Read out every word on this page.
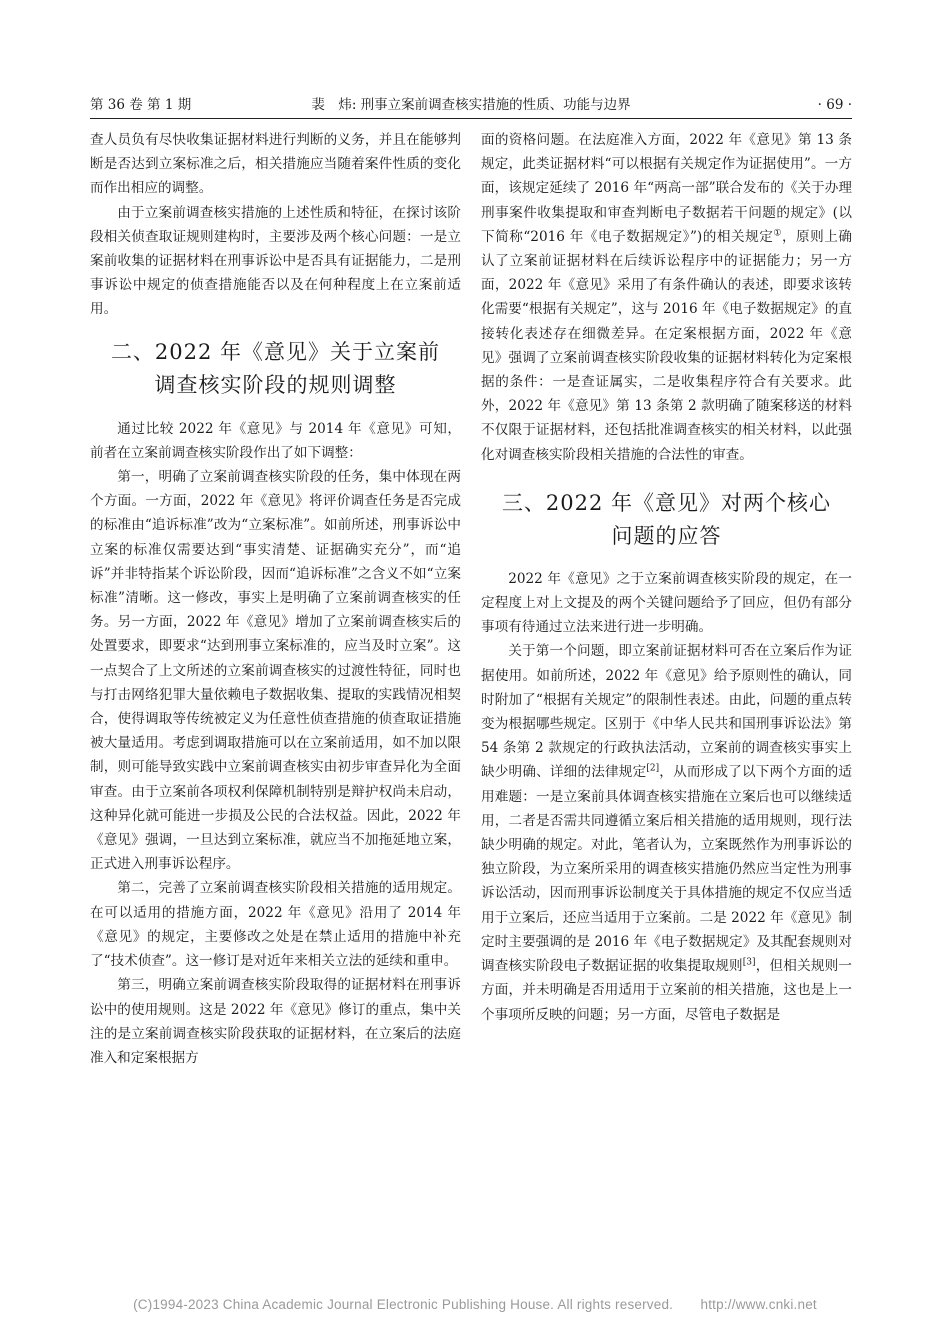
第 36 卷 第 1 期	裴　炜: 刑事立案前调查核实措施的性质、功能与边界	· 69 ·

查人员负有尽快收集证据材料进行判断的义务，并且在能够判断是否达到立案标准之后，相关措施应当随着案件性质的变化而作出相应的调整。

由于立案前调查核实措施的上述性质和特征，在探讨该阶段相关侦查取证规则建构时，主要涉及两个核心问题：一是立案前收集的证据材料在刑事诉讼中是否具有证据能力，二是刑事诉讼中规定的侦查措施能否以及在何种程度上在立案前适用。

二、2022 年《意见》关于立案前
调查核实阶段的规则调整

通过比较 2022 年《意见》与 2014 年《意见》可知，前者在立案前调查核实阶段作出了如下调整：

第一，明确了立案前调查核实阶段的任务，集中体现在两个方面。一方面，2022 年《意见》将评价调查任务是否完成的标准由“追诉标准”改为“立案标准”。如前所述，刑事诉讼中立案的标准仅需要达到“事实清楚、证据确实充分”，而“追诉”并非特指某个诉讼阶段，因而“追诉标准”之含义不如“立案标准”清晰。这一修改，事实上是明确了立案前调查核实的任务。另一方面，2022 年《意见》增加了立案前调查核实后的处置要求，即要求“达到刑事立案标准的，应当及时立案”。这一点契合了上文所述的立案前调查核实的过渡性特征，同时也与打击网络犯罪大量依赖电子数据收集、提取的实践情况相契合，使得调取等传统被定义为任意性侦查措施的侦查取证措施被大量适用。考虑到调取措施可以在立案前适用，如不加以限制，则可能导致实践中立案前调查核实由初步审查异化为全面审查。由于立案前各项权利保障机制特别是辩护权尚未启动，这种异化就可能进一步损及公民的合法权益。因此，2022 年《意见》强调，一旦达到立案标准，就应当不加拖延地立案，正式进入刑事诉讼程序。

第二，完善了立案前调查核实阶段相关措施的适用规定。在可以适用的措施方面，2022 年《意见》沿用了 2014 年《意见》的规定，主要修改之处是在禁止适用的措施中补充了“技术侦查”。这一修订是对近年来相关立法的延续和重申。

第三，明确立案前调查核实阶段取得的证据材料在刑事诉讼中的使用规则。这是 2022 年《意见》修订的重点，集中关注的是立案前调查核实阶段获取的证据材料，在立案后的法庭准入和定案根据方

面的资格问题。在法庭准入方面，2022 年《意见》第 13 条规定，此类证据材料“可以根据有关规定作为证据使用”。一方面，该规定延续了 2016 年“两高一部”联合发布的《关于办理刑事案件收集提取和审查判断电子数据若干问题的规定》(以下简称“2016 年《电子数据规定》”)的相关规定①，原则上确认了立案前证据材料在后续诉讼程序中的证据能力；另一方面，2022 年《意见》采用了有条件确认的表述，即要求该转化需要“根据有关规定”，这与 2016 年《电子数据规定》的直接转化表述存在细微差异。在定案根据方面，2022 年《意见》强调了立案前调查核实阶段收集的证据材料转化为定案根据的条件：一是查证属实，二是收集程序符合有关要求。此外，2022 年《意见》第 13 条第 2 款明确了随案移送的材料不仅限于证据材料，还包括批准调查核实的相关材料，以此强化对调查核实阶段相关措施的合法性的审查。

三、2022 年《意见》对两个核心
问题的应答

2022 年《意见》之于立案前调查核实阶段的规定，在一定程度上对上文提及的两个关键问题给予了回应，但仍有部分事项有待通过立法来进行进一步明确。

关于第一个问题，即立案前证据材料可否在立案后作为证据使用。如前所述，2022 年《意见》给予原则性的确认，同时附加了“根据有关规定”的限制性表述。由此，问题的重点转变为根据哪些规定。区别于《中华人民共和国刑事诉讼法》第 54 条第 2 款规定的行政执法活动，立案前的调查核实事实上缺少明确、详细的法律规定[2]，从而形成了以下两个方面的适用难题：一是立案前具体调查核实措施在立案后也可以继续适用，二者是否需共同遵循立案后相关措施的适用规则，现行法缺少明确的规定。对此，笔者认为，立案既然作为刑事诉讼的独立阶段，为立案所采用的调查核实措施仍然应当定性为刑事诉讼活动，因而刑事诉讼制度关于具体措施的规定不仅应当适用于立案后，还应当适用于立案前。二是 2022 年《意见》制定时主要强调的是 2016 年《电子数据规定》及其配套规则对调查核实阶段电子数据证据的收集提取规则[3]，但相关规则一方面，并未明确是否用适用于立案前的相关措施，这也是上一个事项所反映的问题；另一方面，尽管电子数据是

(C)1994-2023 China Academic Journal Electronic Publishing House. All rights reserved.　　http://www.cnki.net
